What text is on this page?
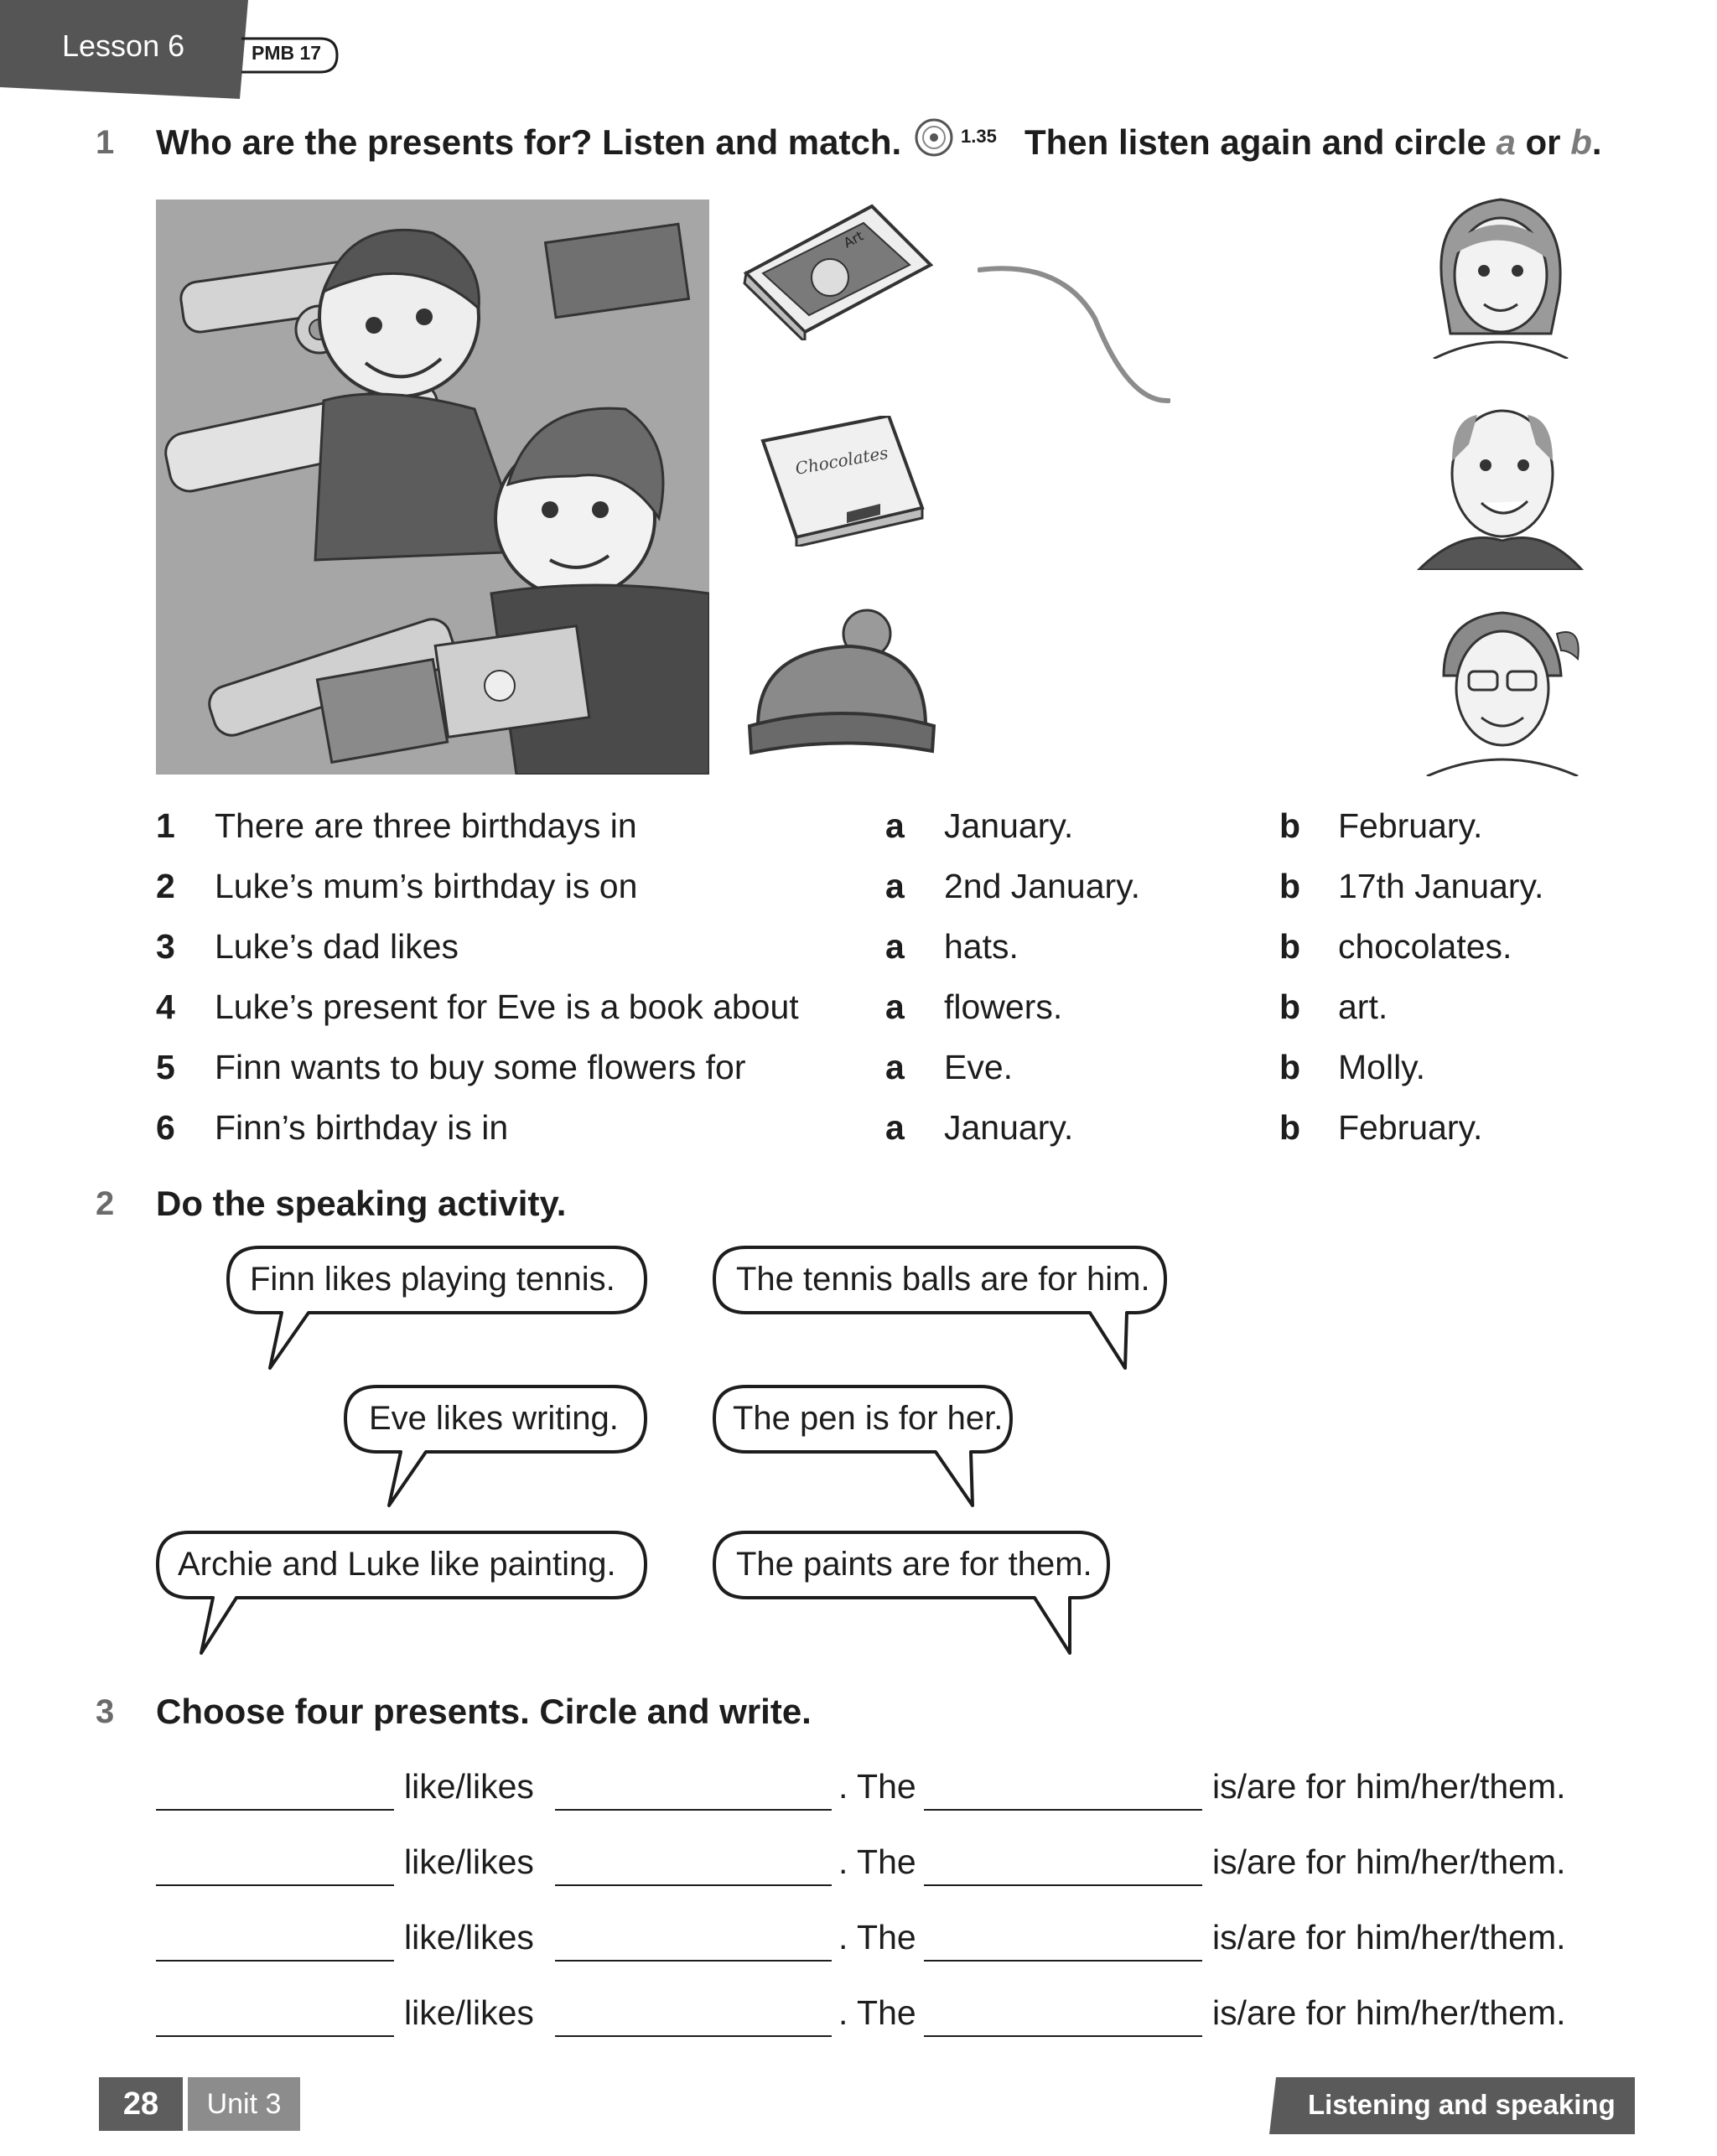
Lesson 6	PMB 17
1 Who are the presents for? Listen and match.	1.35 Then listen again and circle a or b.
Art
Chocolates
1 There are three birthdays in	a January.	b February.
2 Luke’s mum’s birthday is on	a 2nd January.	b 17th January.
3 Luke’s dad likes	a hats.	b chocolates.
4 Luke’s present for Eve is a book about	a flowers.	b art.
5 Finn wants to buy some flowers for	a Eve.	b Molly.
6 Finn’s birthday is in	a January.	b February.
2 Do the speaking activity.
Finn likes playing tennis.	The tennis balls are for him.
Eve likes writing.	The pen is for her.
Archie and Luke like painting.	The paints are for them.
3 Choose four presents. Circle and write.
like/likes	. The	is/are for him/her/them.
like/likes	. The	is/are for him/her/them.
like/likes	. The	is/are for him/her/them.
like/likes	. The	is/are for him/her/them.
28	Unit 3	Listening and speaking
